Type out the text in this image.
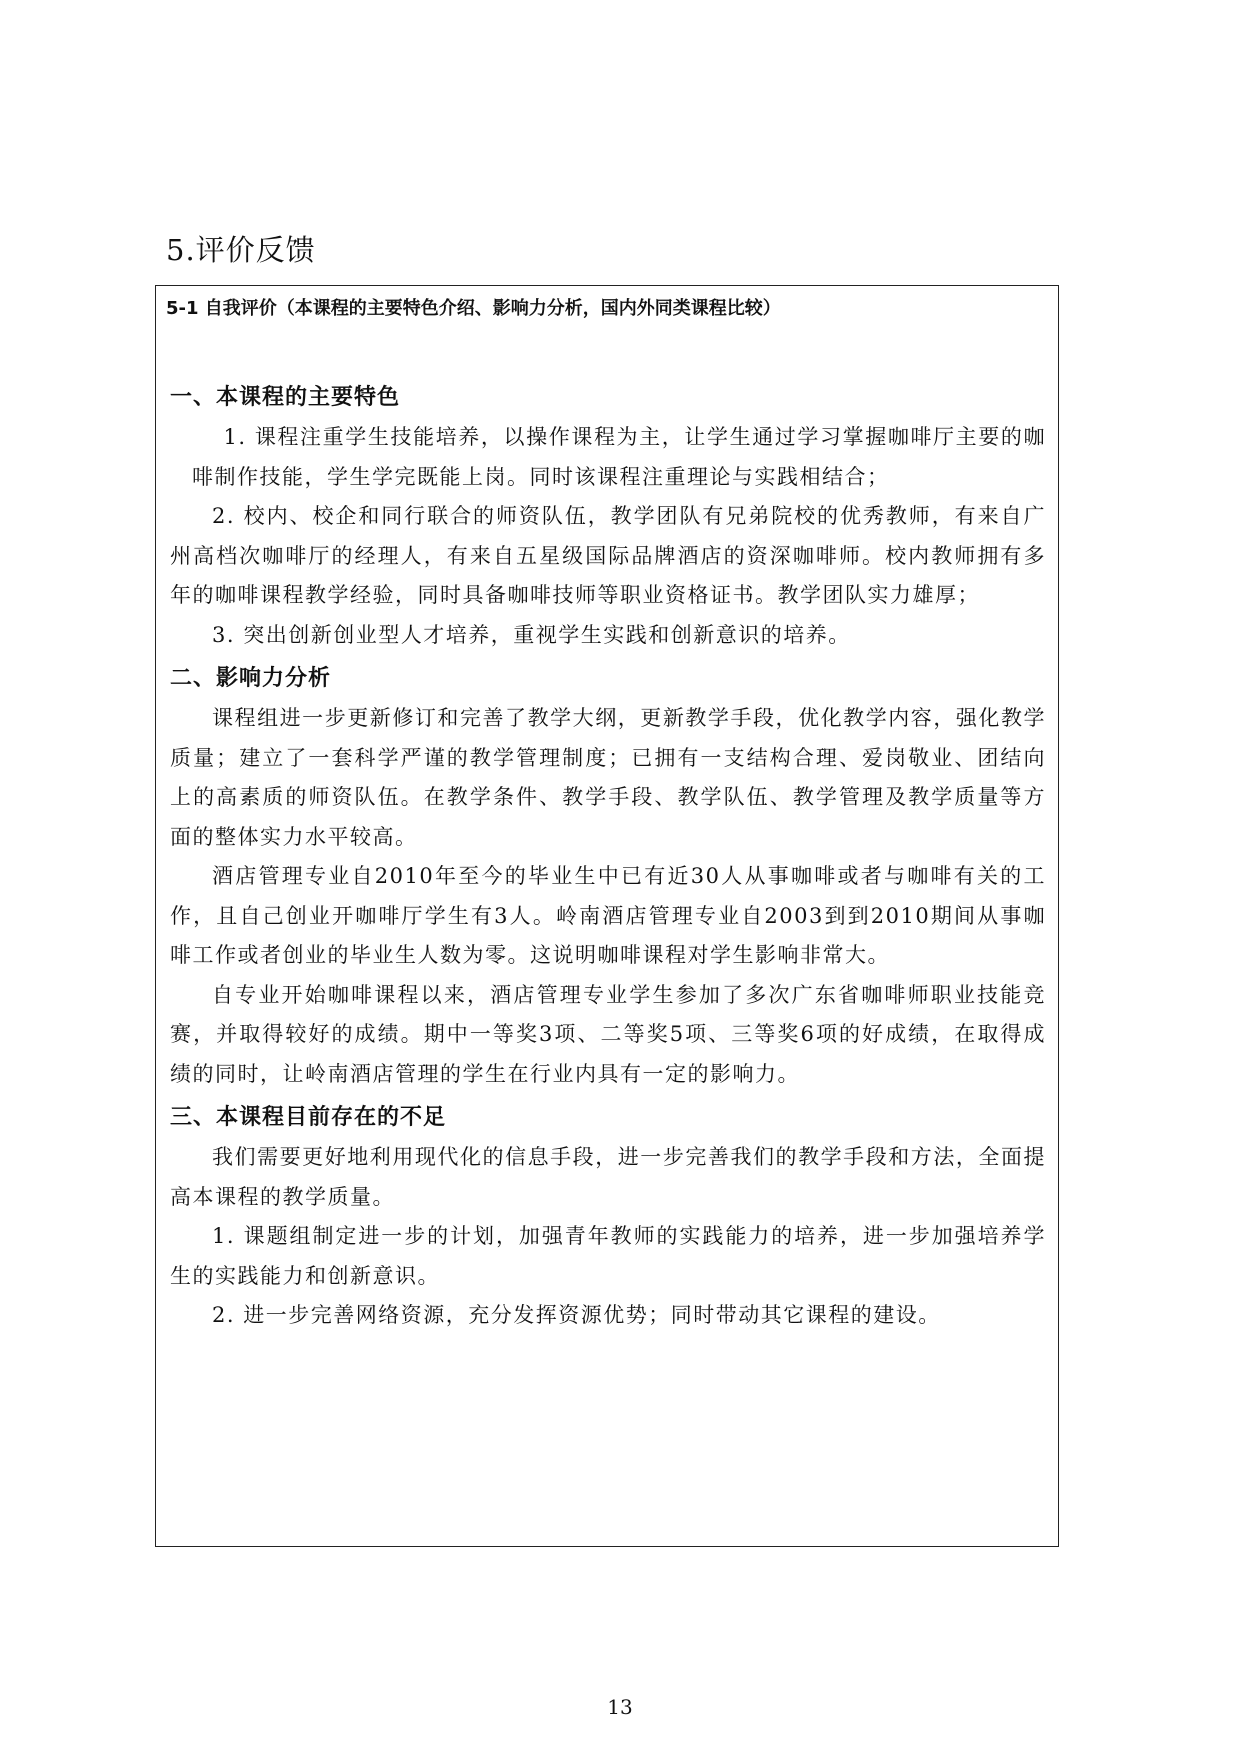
5.评价反馈
5-1 自我评价（本课程的主要特色介绍、影响力分析，国内外同类课程比较）
一、本课程的主要特色

1. 课程注重学生技能培养，以操作课程为主，让学生通过学习掌握咖啡厅主要的咖啡制作技能，学生学完既能上岗。同时该课程注重理论与实践相结合；

2. 校内、校企和同行联合的师资队伍，教学团队有兄弟院校的优秀教师，有来自广州高档次咖啡厅的经理人，有来自五星级国际品牌酒店的资深咖啡师。校内教师拥有多年的咖啡课程教学经验，同时具备咖啡技师等职业资格证书。教学团队实力雄厚；

3. 突出创新创业型人才培养，重视学生实践和创新意识的培养。

二、影响力分析

课程组进一步更新修订和完善了教学大纲，更新教学手段，优化教学内容，强化教学质量；建立了一套科学严谨的教学管理制度；已拥有一支结构合理、爱岗敬业、团结向上的高素质的师资队伍。在教学条件、教学手段、教学队伍、教学管理及教学质量等方面的整体实力水平较高。

酒店管理专业自2010年至今的毕业生中已有近30人从事咖啡或者与咖啡有关的工作，且自己创业开咖啡厅学生有3人。岭南酒店管理专业自2003到到2010期间从事咖啡工作或者创业的毕业生人数为零。这说明咖啡课程对学生影响非常大。

自专业开始咖啡课程以来，酒店管理专业学生参加了多次广东省咖啡师职业技能竞赛，并取得较好的成绩。期中一等奖3项、二等奖5项、三等奖6项的好成绩，在取得成绩的同时，让岭南酒店管理的学生在行业内具有一定的影响力。

三、本课程目前存在的不足

我们需要更好地利用现代化的信息手段，进一步完善我们的教学手段和方法，全面提高本课程的教学质量。

1. 课题组制定进一步的计划，加强青年教师的实践能力的培养，进一步加强培养学生的实践能力和创新意识。

2. 进一步完善网络资源，充分发挥资源优势；同时带动其它课程的建设。

13
